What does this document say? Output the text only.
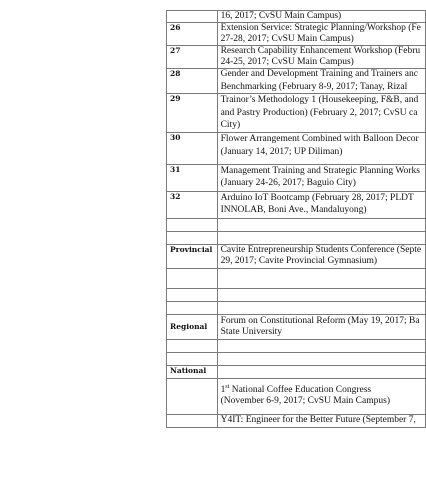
	16, 2017; CvSU Main Campus)

26	Extension Service: Strategic Planning/Workshop (Fe
27-28, 2017; CvSU Main Campus)

27	Research Capability Enhancement Workshop (Febru
24-25, 2017; CvSU Main Campus)

28	Gender and Development Training and Trainers anc
Benchmarking (February 8-9, 2017; Tanay, Rizal

29	Trainor’s Methodology 1 (Housekeeping, F&B, and
and Pastry Production) (February 2, 2017; CvSU ca
City)

30	Flower Arrangement Combined with Balloon Decor
(January 14, 2017; UP Diliman)

31	Management Training and Strategic Planning Works
(January 24-26, 2017; Baguio City)

32	Arduino IoT Bootcamp (February 28, 2017; PLDT
INNOLAB, Boni Ave., Mandaluyong)

Provincial	Cavite Entrepreneurship Students Conference (Septe
29, 2017; Cavite Provincial Gymnasium)

Regional	Forum on Constitutional Reform (May 19, 2017; Ba
State University

National	

	1st National Coffee Education Congress
(November 6-9, 2017; CvSU Main Campus)

	Y4IT: Engineer for the Better Future (September 7,
